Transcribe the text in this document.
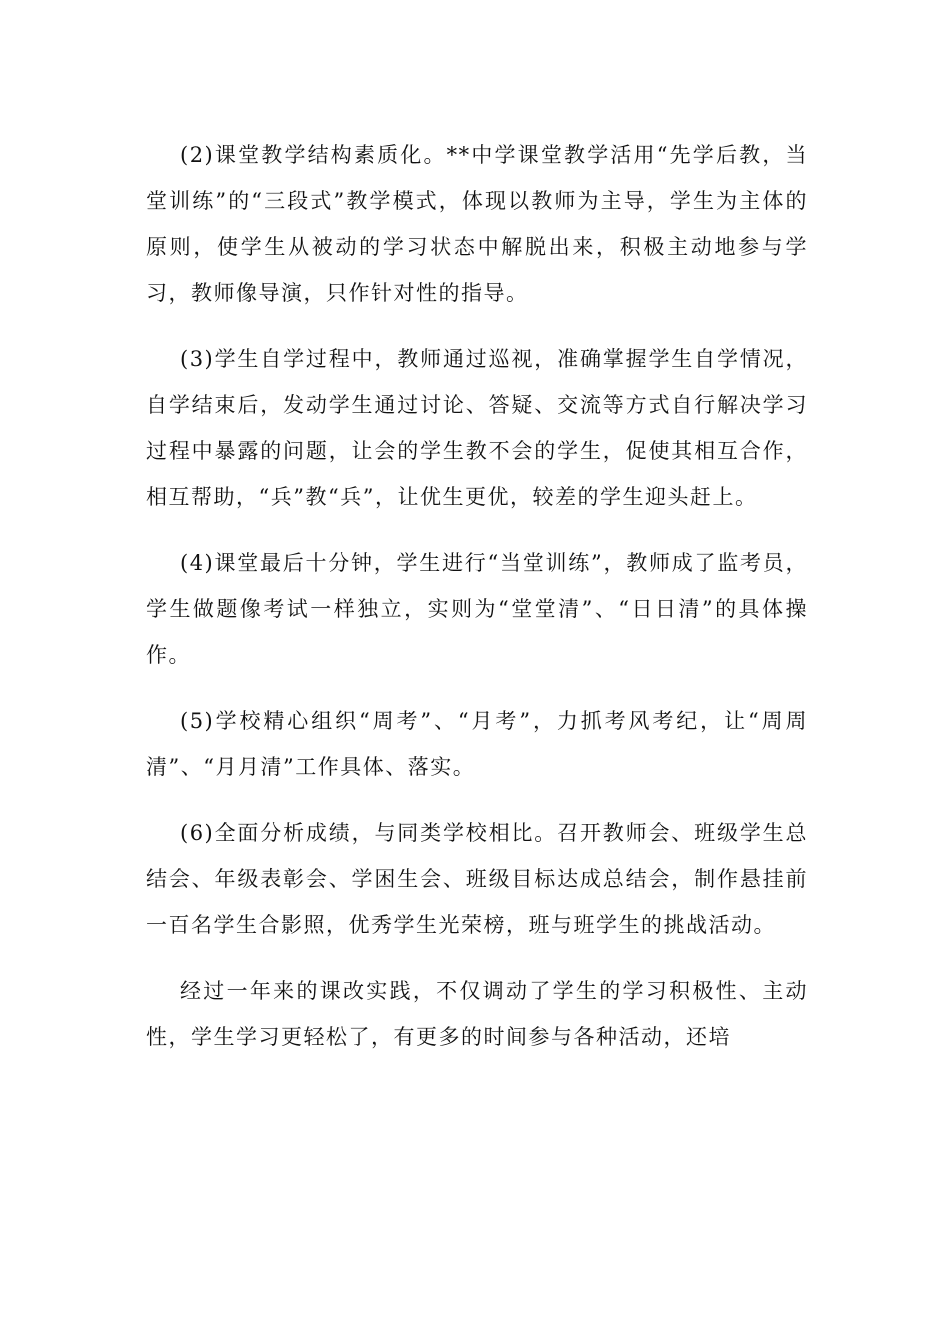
(2)课堂教学结构素质化。**中学课堂教学活用“先学后教，当堂训练”的“三段式”教学模式，体现以教师为主导，学生为主体的原则，使学生从被动的学习状态中解脱出来，积极主动地参与学习，教师像导演，只作针对性的指导。

(3)学生自学过程中，教师通过巡视，准确掌握学生自学情况，自学结束后，发动学生通过讨论、答疑、交流等方式自行解决学习过程中暴露的问题，让会的学生教不会的学生，促使其相互合作，相互帮助，“兵”教“兵”，让优生更优，较差的学生迎头赶上。

(4)课堂最后十分钟，学生进行“当堂训练”，教师成了监考员，学生做题像考试一样独立，实则为“堂堂清”、“日日清”的具体操作。

(5)学校精心组织“周考”、“月考”，力抓考风考纪，让“周周清”、“月月清”工作具体、落实。

(6)全面分析成绩，与同类学校相比。召开教师会、班级学生总结会、年级表彰会、学困生会、班级目标达成总结会，制作悬挂前一百名学生合影照，优秀学生光荣榜，班与班学生的挑战活动。

经过一年来的课改实践，不仅调动了学生的学习积极性、主动性，学生学习更轻松了，有更多的时间参与各种活动，还培
